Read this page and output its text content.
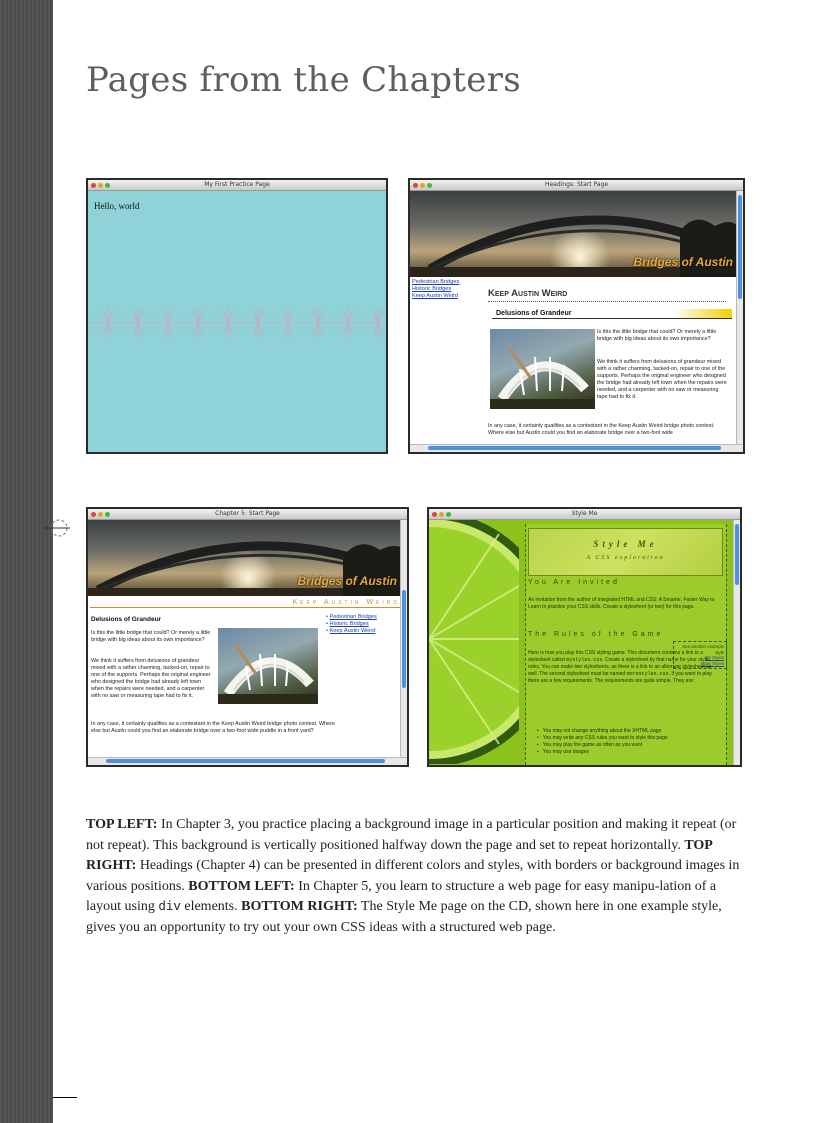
Pages from the Chapters
My First Practice Page
Hello, world
Headings: Start Page
Bridges of Austin
Pedestrian Bridges
Historic Bridges
Keep Austin Weird	Keep Austin Weird
Delusions of Grandeur
Is this the little bridge that could? Or merely a little bridge with big ideas about its own importance?
We think it suffers from delusions of grandeur mixed with a rather charming, tacked-on, repair to one of the supports. Perhaps the original engineer who designed the bridge had already left town when the repairs were needed, and a carpenter with no saw or measuring tape had to fix it.
In any case, it certainly qualifies as a contestant in the Keep Austin Weird bridge photo contest. Where else but Austin could you find an elaborate bridge over a two-foot wide
Chapter 5: Start Page
Bridges of Austin
Keep Austin Weird
Delusions of Grandeur	• Pedestrian Bridges
• Historic Bridges
• Keep Austin Weird
Is this the little bridge that could? Or merely a little bridge with big ideas about its own importance?
We think it suffers from delusions of grandeur mixed with a rather charming, tacked-on, repair to one of the supports. Perhaps the original engineer who designed the bridge had already left town when the repairs were needed, and a carpenter with no saw or measuring tape had to fix it.
In any case, it certainly qualifies as a contestant in the Keep Austin Weird bridge photo contest. Where else but Austin could you find an elaborate bridge over a two-foot wide puddle in a front yard?
Style Me
Style Me
A CSS exploration
You Are Invited
An invitation from the author of Integrated HTML and CSS: A Smarter, Faster Way to Learn to practice your CSS skills. Create a stylesheet (or two) for this page.
The Rules of the Game
See another example style
My Styles
More Styles
Here is how you play this CSS styling game. This document contains a link to a stylesheet called mystyles.css. Create a stylesheet by that name for your style rules. You can make two stylesheets, as there is a link to an alternate stylesheet as well. The second stylesheet must be named morestyles.css. If you want to play, there are a few requirements. The requirements are quite simple. They are:
• You may not change anything about the XHTML page
• You may write any CSS rules you want to style this page
• You may play the game as often as you want
• You may use images

TOP LEFT: In Chapter 3, you practice placing a background image in a particular position and making it repeat (or not repeat). This background is vertically positioned halfway down the page and set to repeat horizontally. TOP RIGHT: Headings (Chapter 4) can be presented in different colors and styles, with borders or background images in various positions. BOTTOM LEFT: In Chapter 5, you learn to structure a web page for easy manipu-lation of a layout using div elements. BOTTOM RIGHT: The Style Me page on the CD, shown here in one example style, gives you an opportunity to try out your own CSS ideas with a structured web page.
